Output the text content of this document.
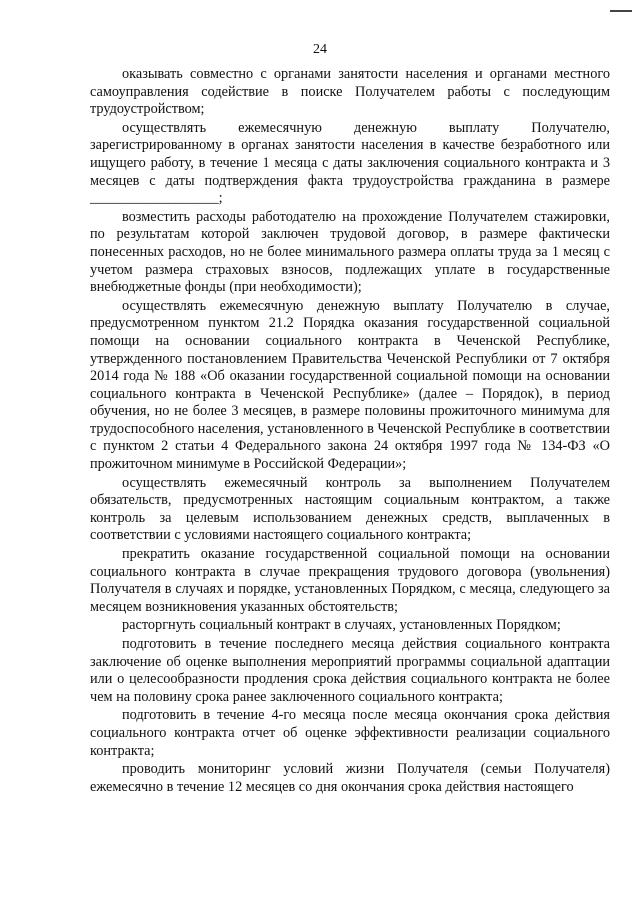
24

оказывать совместно с органами занятости населения и органами местного самоуправления содействие в поиске Получателем работы с последующим трудоустройством;

осуществлять ежемесячную денежную выплату Получателю, зарегистрированному в органах занятости населения в качестве безработного или ищущего работу, в течение 1 месяца с даты заключения социального контракта и 3 месяцев с даты подтверждения факта трудоустройства гражданина в размере __________________;

возместить расходы работодателю на прохождение Получателем стажировки, по результатам которой заключен трудовой договор, в размере фактически понесенных расходов, но не более минимального размера оплаты труда за 1 месяц с учетом размера страховых взносов, подлежащих уплате в государственные внебюджетные фонды (при необходимости);

осуществлять ежемесячную денежную выплату Получателю в случае, предусмотренном пунктом 21.2 Порядка оказания государственной социальной помощи на основании социального контракта в Чеченской Республике, утвержденного постановлением Правительства Чеченской Республики от 7 октября 2014 года № 188 «Об оказании государственной социальной помощи на основании социального контракта в Чеченской Республике» (далее – Порядок), в период обучения, но не более 3 месяцев, в размере половины прожиточного минимума для трудоспособного населения, установленного в Чеченской Республике в соответствии с пунктом 2 статьи 4 Федерального закона 24 октября 1997 года № 134-ФЗ «О прожиточном минимуме в Российской Федерации»;

осуществлять ежемесячный контроль за выполнением Получателем обязательств, предусмотренных настоящим социальным контрактом, а также контроль за целевым использованием денежных средств, выплаченных в соответствии с условиями настоящего социального контракта;

прекратить оказание государственной социальной помощи на основании социального контракта в случае прекращения трудового договора (увольнения) Получателя в случаях и порядке, установленных Порядком, с месяца, следующего за месяцем возникновения указанных обстоятельств;

расторгнуть социальный контракт в случаях, установленных Порядком;

подготовить в течение последнего месяца действия социального контракта заключение об оценке выполнения мероприятий программы социальной адаптации или о целесообразности продления срока действия социального контракта не более чем на половину срока ранее заключенного социального контракта;

подготовить в течение 4-го месяца после месяца окончания срока действия социального контракта отчет об оценке эффективности реализации социального контракта;

проводить мониторинг условий жизни Получателя (семьи Получателя) ежемесячно в течение 12 месяцев со дня окончания срока действия настоящего
